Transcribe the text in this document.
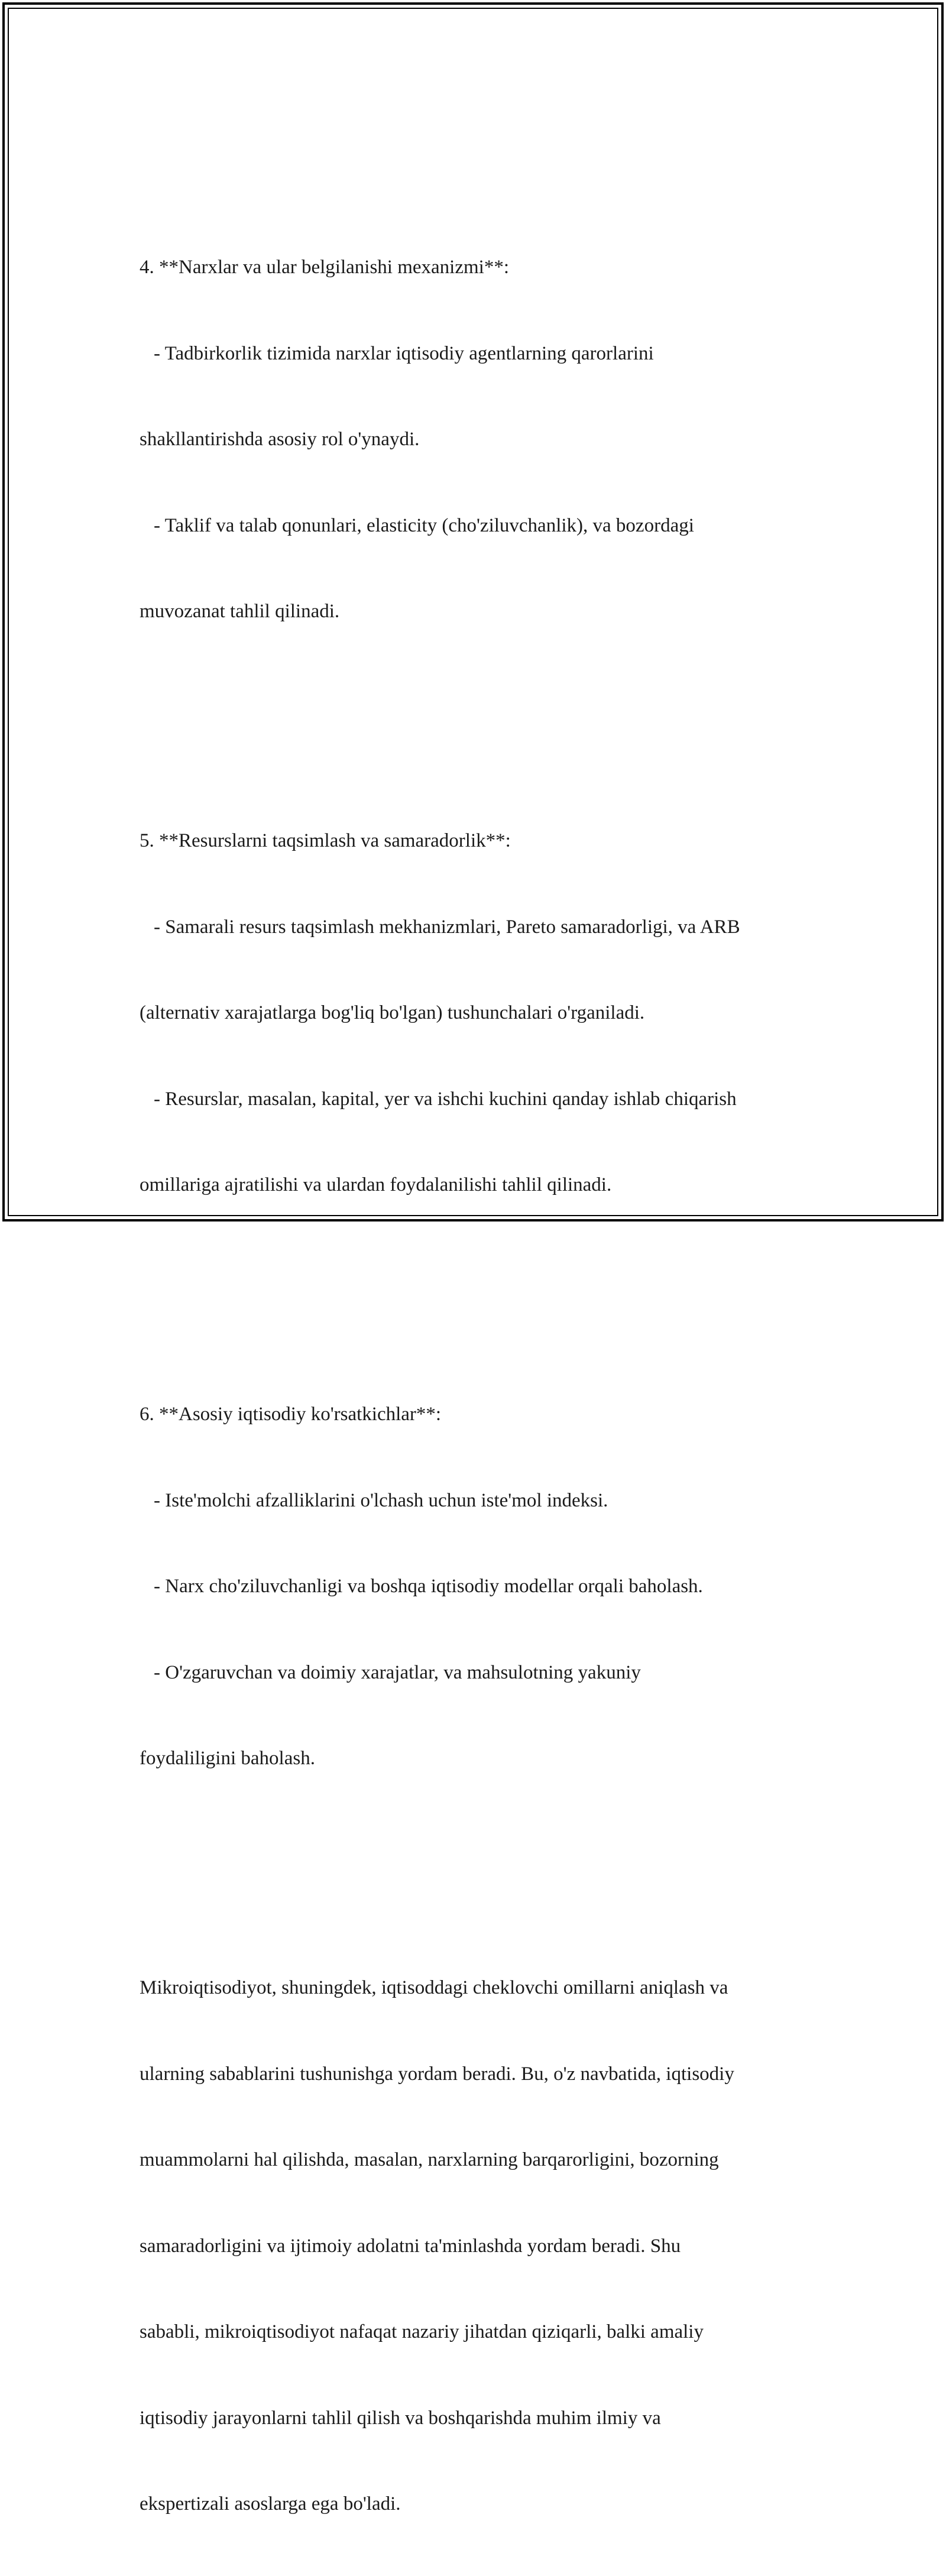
4. **Narxlar va ular belgilanishi mexanizmi**:

- Tadbirkorlik tizimida narxlar iqtisodiy agentlarning qarorlarini

shakllantirishda asosiy rol o'ynaydi.

- Taklif va talab qonunlari, elasticity (cho'ziluvchanlik), va bozordagi

muvozanat tahlil qilinadi.

5. **Resurslarni taqsimlash va samaradorlik**:

- Samarali resurs taqsimlash mekhanizmlari, Pareto samaradorligi, va ARB

(alternativ xarajatlarga bog'liq bo'lgan) tushunchalari o'rganiladi.

- Resurslar, masalan, kapital, yer va ishchi kuchini qanday ishlab chiqarish

omillariga ajratilishi va ulardan foydalanilishi tahlil qilinadi.

6. **Asosiy iqtisodiy ko'rsatkichlar**:

- Iste'molchi afzalliklarini o'lchash uchun iste'mol indeksi.

- Narx cho'ziluvchanligi va boshqa iqtisodiy modellar orqali baholash.

- O'zgaruvchan va doimiy xarajatlar, va mahsulotning yakuniy

foydaliligini baholash.

Mikroiqtisodiyot, shuningdek, iqtisoddagi cheklovchi omillarni aniqlash va

ularning sabablarini tushunishga yordam beradi. Bu, o'z navbatida, iqtisodiy

muammolarni hal qilishda, masalan, narxlarning barqarorligini, bozorning

samaradorligini va ijtimoiy adolatni ta'minlashda yordam beradi. Shu

sababli, mikroiqtisodiyot nafaqat nazariy jihatdan qiziqarli, balki amaliy

iqtisodiy jarayonlarni tahlil qilish va boshqarishda muhim ilmiy va

ekspertizali asoslarga ega bo'ladi.
